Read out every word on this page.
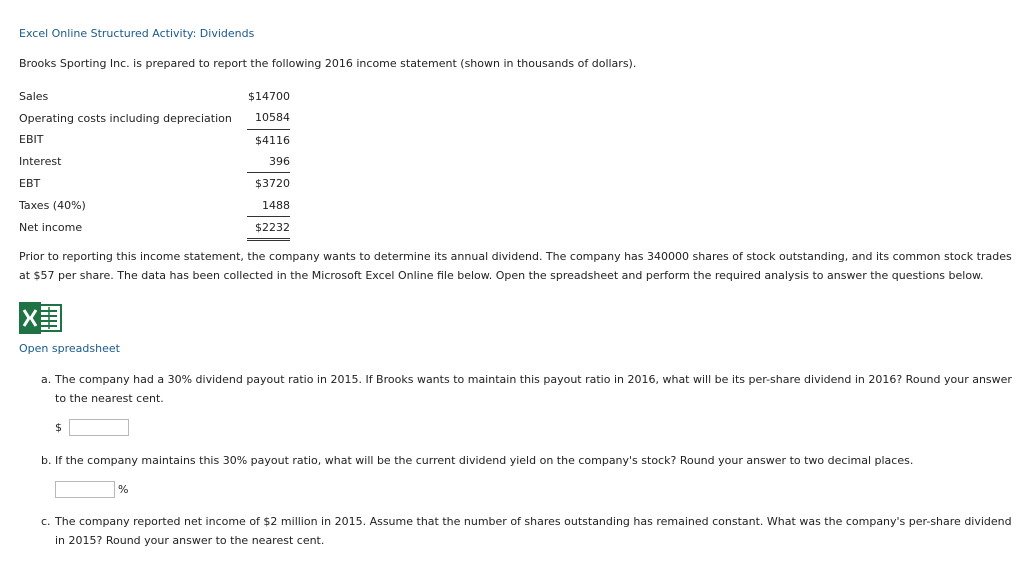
Excel Online Structured Activity: Dividends
Brooks Sporting Inc. is prepared to report the following 2016 income statement (shown in thousands of dollars).
Sales	$14700
Operating costs including depreciation	10584
EBIT	$4116
Interest	396
EBT	$3720
Taxes (40%)	1488
Net income	$2232
Prior to reporting this income statement, the company wants to determine its annual dividend. The company has 340000 shares of stock outstanding, and its common stock trades at $57 per share. The data has been collected in the Microsoft Excel Online file below. Open the spreadsheet and perform the required analysis to answer the questions below.
Open spreadsheet
a. The company had a 30% dividend payout ratio in 2015. If Brooks wants to maintain this payout ratio in 2016, what will be its per-share dividend in 2016? Round your answer
to the nearest cent.
$
b. If the company maintains this 30% payout ratio, what will be the current dividend yield on the company's stock? Round your answer to two decimal places.
%
c. The company reported net income of $2 million in 2015. Assume that the number of shares outstanding has remained constant. What was the company's per-share dividend
in 2015? Round your answer to the nearest cent.
